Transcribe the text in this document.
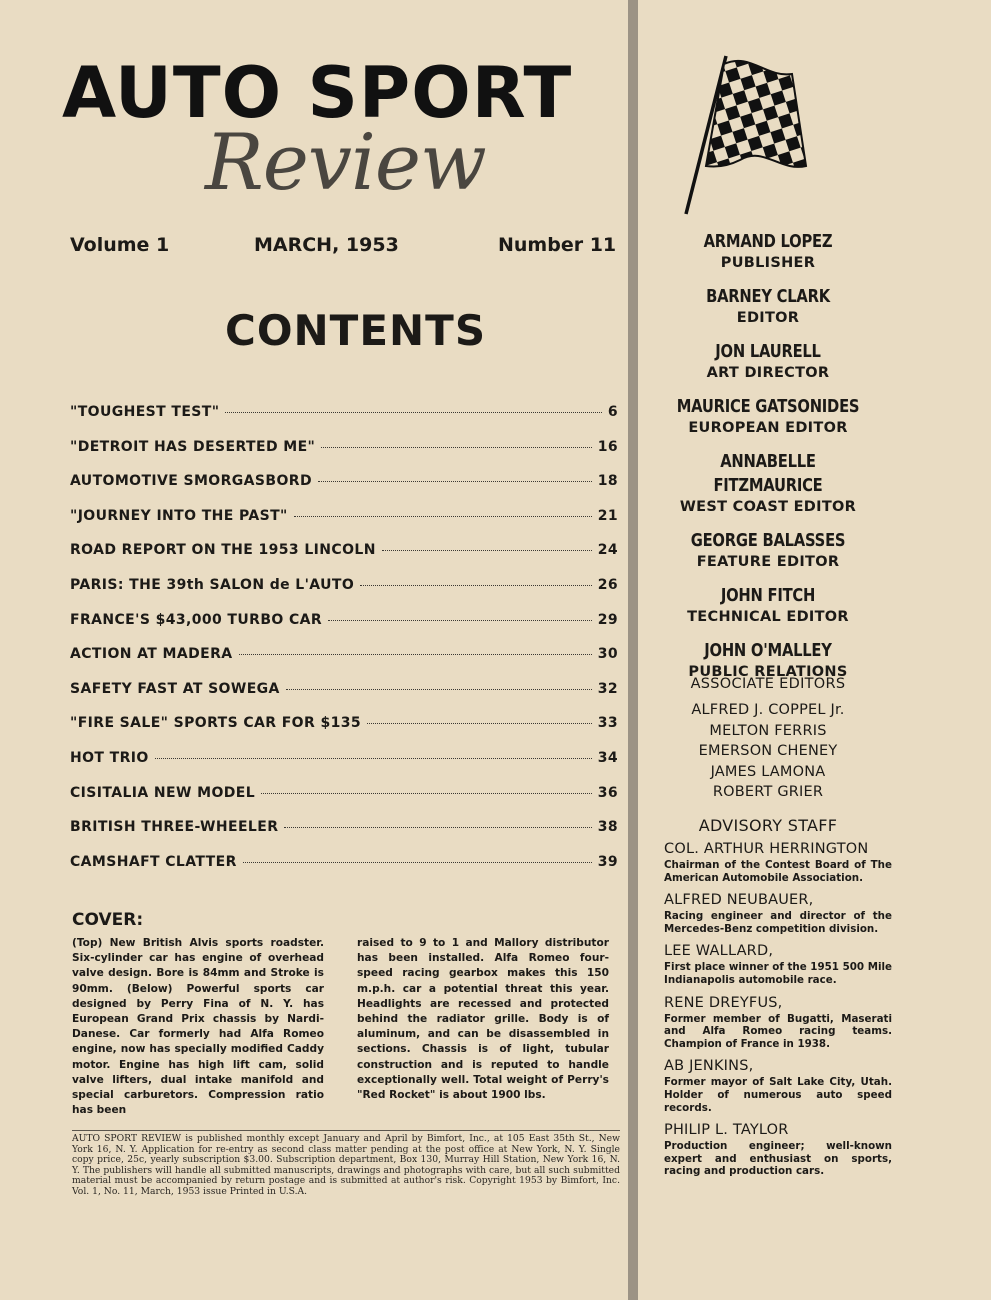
AUTO SPORT
Review
Volume 1	MARCH, 1953	Number 11
CONTENTS
"TOUGHEST TEST"	6
"DETROIT HAS DESERTED ME"	16
AUTOMOTIVE SMORGASBORD	18
"JOURNEY INTO THE PAST"	21
ROAD REPORT ON THE 1953 LINCOLN	24
PARIS: THE 39th SALON de L'AUTO	26
FRANCE'S $43,000 TURBO CAR	29
ACTION AT MADERA	30
SAFETY FAST AT SOWEGA	32
"FIRE SALE" SPORTS CAR FOR $135	33
HOT TRIO	34
CISITALIA NEW MODEL	36
BRITISH THREE-WHEELER	38
CAMSHAFT CLATTER	39
COVER:
(Top) New British Alvis sports roadster. Six-cylinder car has engine of overhead valve design. Bore is 84mm and Stroke is 90mm. (Below) Powerful sports car designed by Perry Fina of N. Y. has European Grand Prix chassis by Nardi-Danese. Car formerly had Alfa Romeo engine, now has specially modified Caddy motor. Engine has high lift cam, solid valve lifters, dual intake manifold and special carburetors. Compression ratio has been
raised to 9 to 1 and Mallory distributor has been installed. Alfa Romeo four-speed racing gearbox makes this 150 m.p.h. car a potential threat this year. Headlights are recessed and protected behind the radiator grille. Body is of aluminum, and can be disassembled in sections. Chassis is of light, tubular construction and is reputed to handle exceptionally well. Total weight of Perry's "Red Rocket" is about 1900 lbs.
AUTO SPORT REVIEW is published monthly except January and April by Bimfort, Inc., at 105 East 35th St., New York 16, N. Y. Application for re-entry as second class matter pending at the post office at New York, N. Y. Single copy price, 25c, yearly subscription $3.00. Subscription department, Box 130, Murray Hill Station, New York 16, N. Y. The publishers will handle all submitted manuscripts, drawings and photographs with care, but all such submitted material must be accompanied by return postage and is submitted at author's risk. Copyright 1953 by Bimfort, Inc. Vol. 1, No. 11, March, 1953 issue Printed in U.S.A.
ARMAND LOPEZ
PUBLISHER
BARNEY CLARK
EDITOR
JON LAURELL
ART DIRECTOR
MAURICE GATSONIDES
EUROPEAN EDITOR
ANNABELLE FITZMAURICE
WEST COAST EDITOR
GEORGE BALASSES
FEATURE EDITOR
JOHN FITCH
TECHNICAL EDITOR
JOHN O'MALLEY
PUBLIC RELATIONS
ASSOCIATE EDITORS
ALFRED J. COPPEL Jr.
MELTON FERRIS
EMERSON CHENEY
JAMES LAMONA
ROBERT GRIER
ADVISORY STAFF
COL. ARTHUR HERRINGTON
Chairman of the Contest Board of The American Automobile Association.
ALFRED NEUBAUER,
Racing engineer and director of the Mercedes-Benz competition division.
LEE WALLARD,
First place winner of the 1951 500 Mile Indianapolis automobile race.
RENE DREYFUS,
Former member of Bugatti, Maserati and Alfa Romeo racing teams. Champion of France in 1938.
AB JENKINS,
Former mayor of Salt Lake City, Utah. Holder of numerous auto speed records.
PHILIP L. TAYLOR
Production engineer; well-known expert and enthusiast on sports, racing and production cars.
